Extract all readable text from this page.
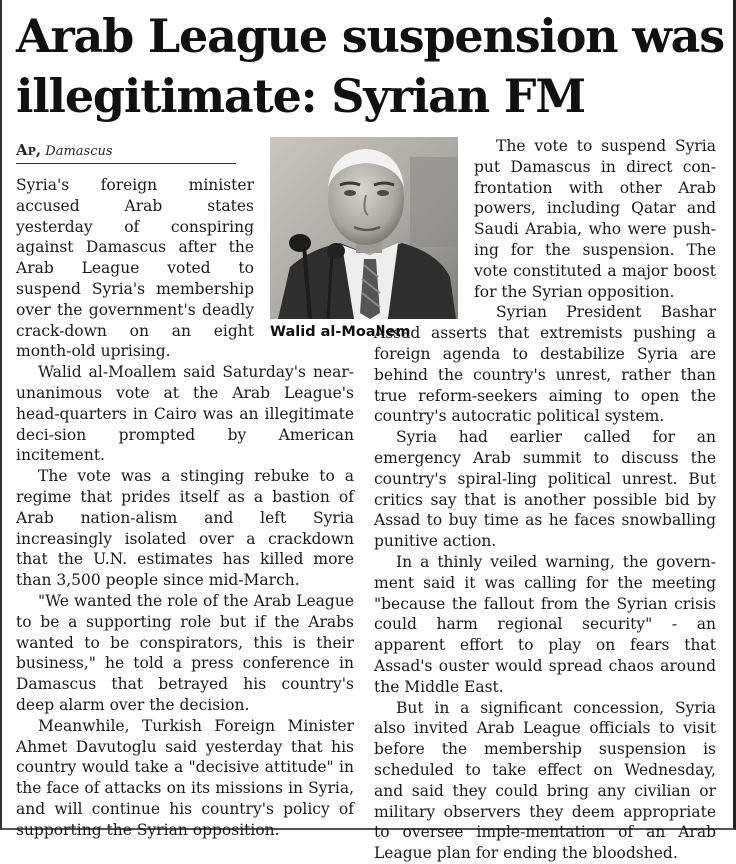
Arab League suspension was illegitimate: Syrian FM
Ap, Damascus

Syria's foreign minister accused Arab states yesterday of conspiring against Damascus after the Arab League voted to suspend Syria's membership over the government's deadly crack-down on an eight month-old uprising.

Walid al-Moallem said Saturday's near-unanimous vote at the Arab League's head-quarters in Cairo was an illegitimate deci-sion prompted by American incitement.

The vote was a stinging rebuke to a regime that prides itself as a bastion of Arab nation-alism and left Syria increasingly isolated over a crackdown that the U.N. estimates has killed more than 3,500 people since mid-March.

"We wanted the role of the Arab League to be a supporting role but if the Arabs wanted to be conspirators, this is their business," he told a press conference in Damascus that betrayed his country's deep alarm over the decision.

Meanwhile, Turkish Foreign Minister Ahmet Davutoglu said yesterday that his country would take a "decisive attitude" in the face of attacks on its missions in Syria, and will continue his country's policy of supporting the Syrian opposition.

The vote to suspend Syria put Damascus in direct con-frontation with other Arab powers, including Qatar and Saudi Arabia, who were push-ing for the suspension. The vote constituted a major boost for the Syrian opposition.

Syrian President Bashar Assad asserts that extremists pushing a foreign agenda to destabilize Syria are behind the country's unrest, rather than true reform-seekers aiming to open the country's autocratic political system.

Syria had earlier called for an emergency Arab summit to discuss the country's spiral-ling political unrest. But critics say that is another possible bid by Assad to buy time as he faces snowballing punitive action.

In a thinly veiled warning, the govern-ment said it was calling for the meeting "because the fallout from the Syrian crisis could harm regional security" - an apparent effort to play on fears that Assad's ouster would spread chaos around the Middle East.

But in a significant concession, Syria also invited Arab League officials to visit before the membership suspension is scheduled to take effect on Wednesday, and said they could bring any civilian or military observers they deem appropriate to oversee imple-mentation of an Arab League plan for ending the bloodshed.

Walid al-Moallem
